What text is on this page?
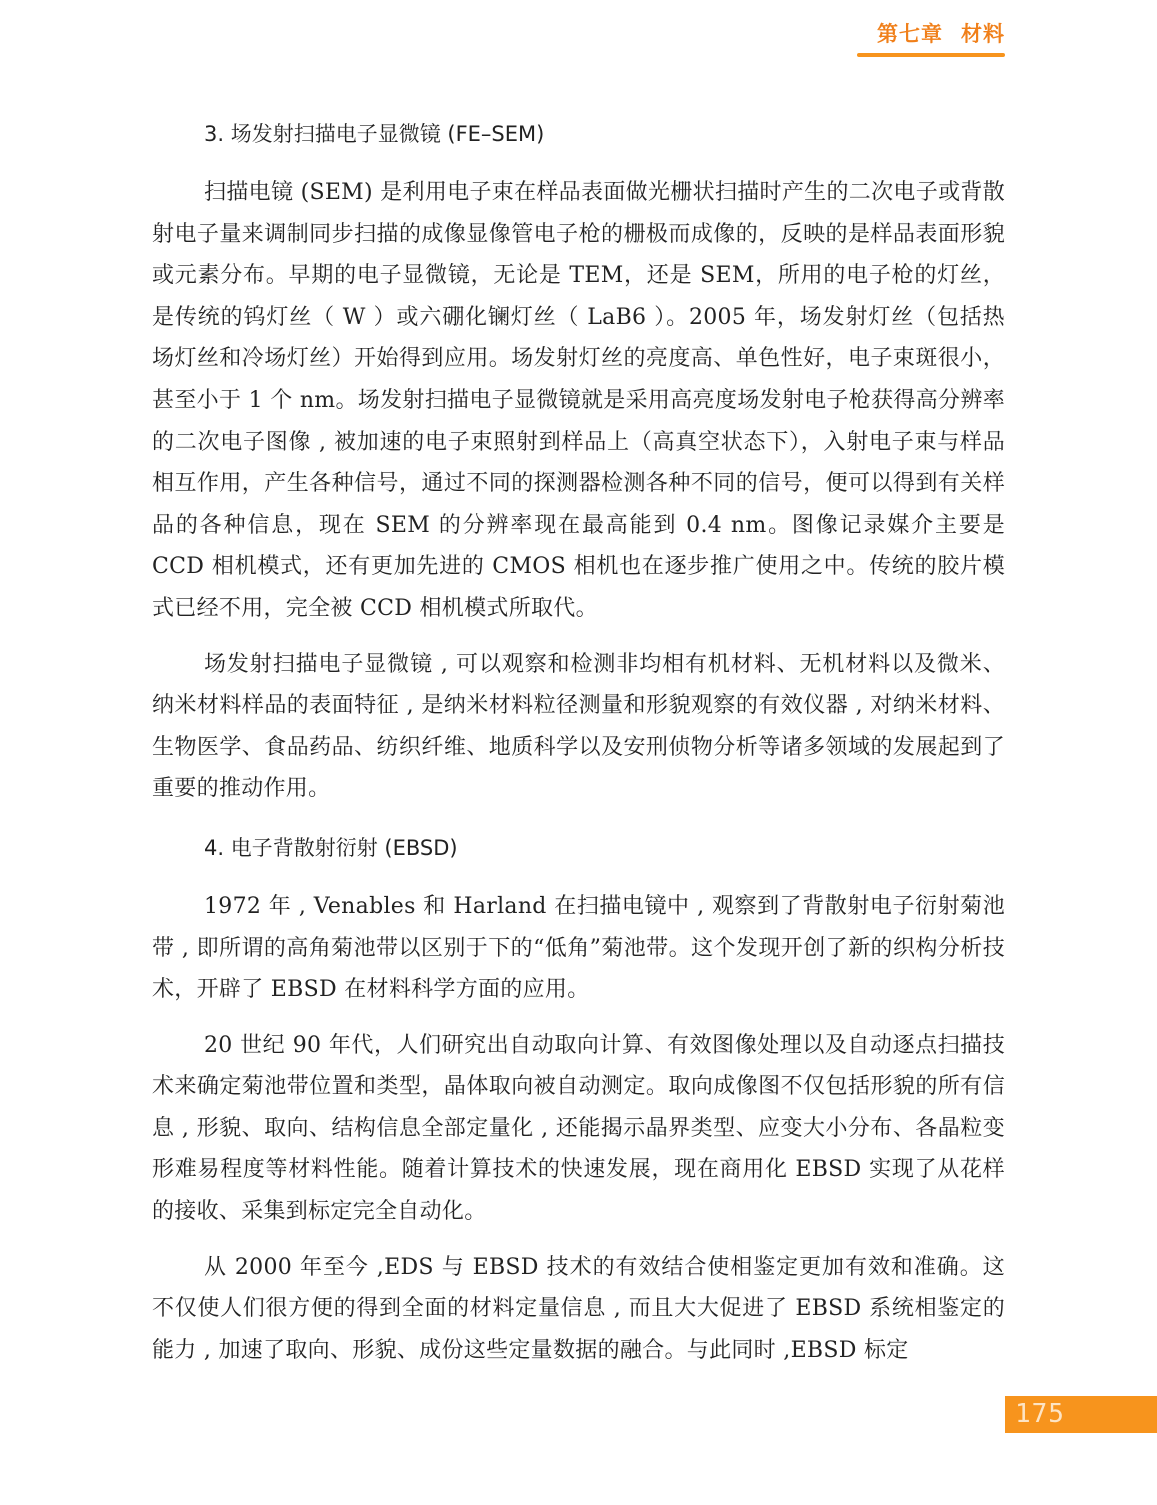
第七章 材料
3. 场发射扫描电子显微镜 (FE–SEM)

扫描电镜 (SEM) 是利用电子束在样品表面做光栅状扫描时产生的二次电子或背散射电子量来调制同步扫描的成像显像管电子枪的栅极而成像的，反映的是样品表面形貌或元素分布。早期的电子显微镜，无论是 TEM，还是 SEM，所用的电子枪的灯丝，是传统的钨灯丝（ W ）或六硼化镧灯丝（ LaB6 ）。2005 年，场发射灯丝（包括热场灯丝和冷场灯丝）开始得到应用。场发射灯丝的亮度高、单色性好，电子束斑很小，甚至小于 1 个 nm。场发射扫描电子显微镜就是采用高亮度场发射电子枪获得高分辨率的二次电子图像 , 被加速的电子束照射到样品上（高真空状态下），入射电子束与样品相互作用，产生各种信号，通过不同的探测器检测各种不同的信号，便可以得到有关样品的各种信息，现在 SEM 的分辨率现在最高能到 0.4 nm。图像记录媒介主要是 CCD 相机模式，还有更加先进的 CMOS 相机也在逐步推广使用之中。传统的胶片模式已经不用，完全被 CCD 相机模式所取代。

场发射扫描电子显微镜 , 可以观察和检测非均相有机材料、无机材料以及微米、纳米材料样品的表面特征 , 是纳米材料粒径测量和形貌观察的有效仪器 , 对纳米材料、生物医学、食品药品、纺织纤维、地质科学以及安刑侦物分析等诸多领域的发展起到了重要的推动作用。

4. 电子背散射衍射 (EBSD)

1972 年 , Venables 和 Harland 在扫描电镜中 , 观察到了背散射电子衍射菊池带 , 即所谓的高角菊池带以区别于下的“低角”菊池带。这个发现开创了新的织构分析技术，开辟了 EBSD 在材料科学方面的应用。

20 世纪 90 年代，人们研究出自动取向计算、有效图像处理以及自动逐点扫描技术来确定菊池带位置和类型，晶体取向被自动测定。取向成像图不仅包括形貌的所有信息 , 形貌、取向、结构信息全部定量化 , 还能揭示晶界类型、应变大小分布、各晶粒变形难易程度等材料性能。随着计算技术的快速发展，现在商用化 EBSD 实现了从花样的接收、采集到标定完全自动化。

从 2000 年至今 ,EDS 与 EBSD 技术的有效结合使相鉴定更加有效和准确。这不仅使人们很方便的得到全面的材料定量信息 , 而且大大促进了 EBSD 系统相鉴定的能力 , 加速了取向、形貌、成份这些定量数据的融合。与此同时 ,EBSD 标定

175
